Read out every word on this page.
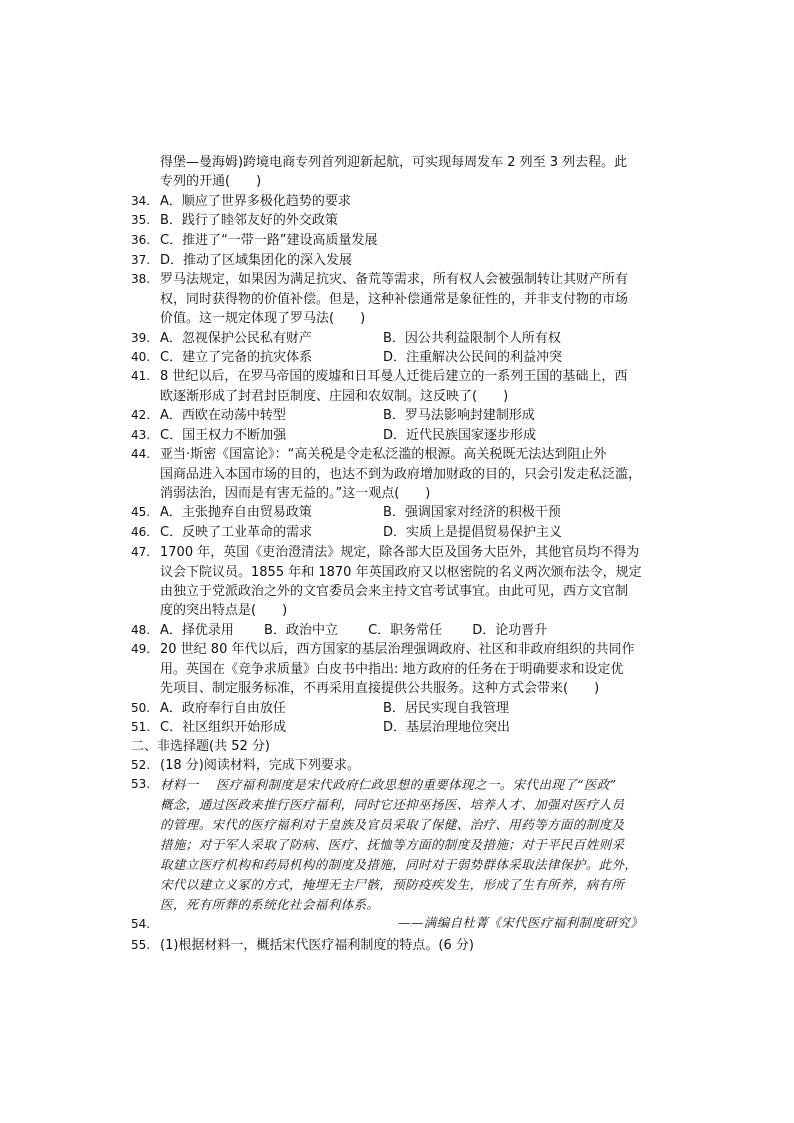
得堡—曼海姆)跨境电商专列首列迎新起航，可实现每周发车 2 列至 3 列去程。此
专列的开通(　　)
34. A．顺应了世界多极化趋势的要求
35. B．践行了睦邻友好的外交政策
36. C．推进了“一带一路”建设高质量发展
37. D．推动了区域集团化的深入发展
38. 罗马法规定，如果因为满足抗灾、备荒等需求，所有权人会被强制转让其财产所有
权，同时获得物的价值补偿。但是，这种补偿通常是象征性的，并非支付物的市场
价值。这一规定体现了罗马法(　　)
39. A．忽视保护公民私有财产	B．因公共利益限制个人所有权
40. C．建立了完备的抗灾体系	D．注重解决公民间的利益冲突
41. 8 世纪以后，在罗马帝国的废墟和日耳曼人迁徙后建立的一系列王国的基础上，西
欧逐渐形成了封君封臣制度、庄园和农奴制。这反映了(　　)
42. A．西欧在动荡中转型	B．罗马法影响封建制形成
43. C．国王权力不断加强	D．近代民族国家逐步形成
44. 亚当·斯密《国富论》：“高关税是令走私泛滥的根源。高关税既无法达到阻止外
国商品进入本国市场的目的，也达不到为政府增加财政的目的，只会引发走私泛滥，
消弱法治，因而是有害无益的。”这一观点(　　)
45. A．主张抛弃自由贸易政策	B．强调国家对经济的积极干预
46. C．反映了工业革命的需求	D．实质上是提倡贸易保护主义
47. 1700 年，英国《吏治澄清法》规定，除各部大臣及国务大臣外，其他官员均不得为
议会下院议员。1855 年和 1870 年英国政府又以枢密院的名义两次颁布法令，规定
由独立于党派政治之外的文官委员会来主持文官考试事宜。由此可见，西方文官制
度的突出特点是(　　)
48. A．择优录用　　 B．政治中立　　 C．职务常任　　 D．论功晋升
49. 20 世纪 80 年代以后，西方国家的基层治理强调政府、社区和非政府组织的共同作
用。英国在《竞争求质量》白皮书中指出: 地方政府的任务在于明确要求和设定优
先项目、制定服务标准，不再采用直接提供公共服务。这种方式会带来(　　)
50. A．政府奉行自由放任	B．居民实现自我管理
51. C．社区组织开始形成	D．基层治理地位突出
二、非选择题(共 52 分)
52. (18 分)阅读材料，完成下列要求。
53. 材料一　 医疗福利制度是宋代政府仁政思想的重要体现之一。宋代出现了“医政”
概念，通过医政来推行医疗福利，同时它还抑巫扬医、培养人才、加强对医疗人员
的管理。宋代的医疗福利对于皇族及官员采取了保健、治疗、用药等方面的制度及
措施；对于军人采取了防病、医疗、抚恤等方面的制度及措施；对于平民百姓则采
取建立医疗机构和药局机构的制度及措施，同时对于弱势群体采取法律保护。此外，
宋代以建立义冢的方式，掩埋无主尸骸，预防疫疾发生，形成了生有所养，病有所
医，死有所葬的系统化社会福利体系。
54.	——满编自杜菁《宋代医疗福利制度研究》
55. (1)根据材料一，概括宋代医疗福利制度的特点。(6 分)
